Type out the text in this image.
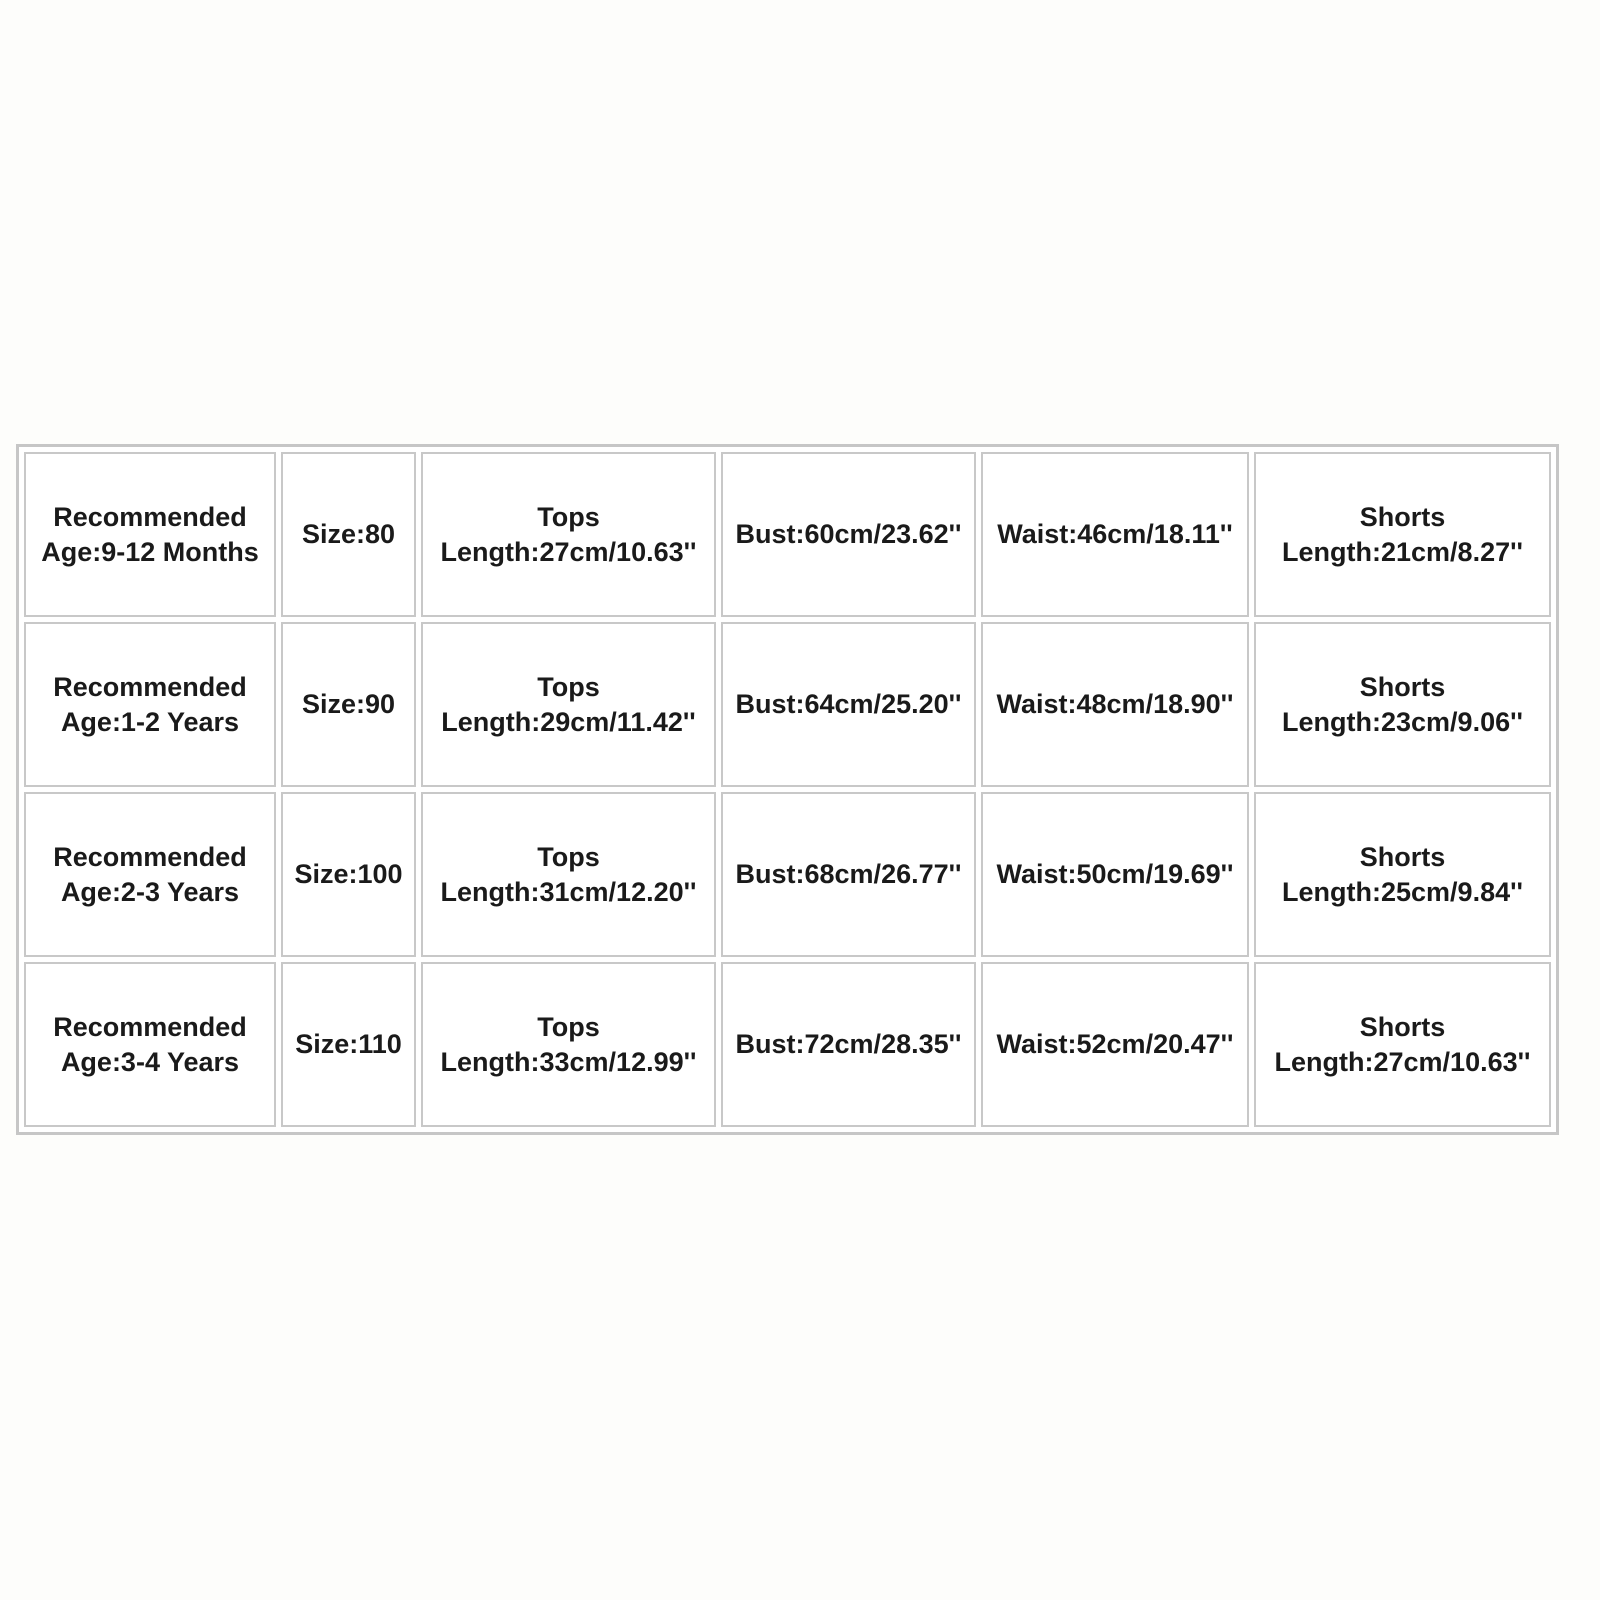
Recommended
Age:9-12 Months	Size:80	Tops
Length:27cm/10.63''	Bust:60cm/23.62''	Waist:46cm/18.11''	Shorts
Length:21cm/8.27''

Recommended
Age:1-2 Years	Size:90	Tops
Length:29cm/11.42''	Bust:64cm/25.20''	Waist:48cm/18.90''	Shorts
Length:23cm/9.06''

Recommended
Age:2-3 Years	Size:100	Tops
Length:31cm/12.20''	Bust:68cm/26.77''	Waist:50cm/19.69''	Shorts
Length:25cm/9.84''

Recommended
Age:3-4 Years	Size:110	Tops
Length:33cm/12.99''	Bust:72cm/28.35''	Waist:52cm/20.47''	Shorts
Length:27cm/10.63''
